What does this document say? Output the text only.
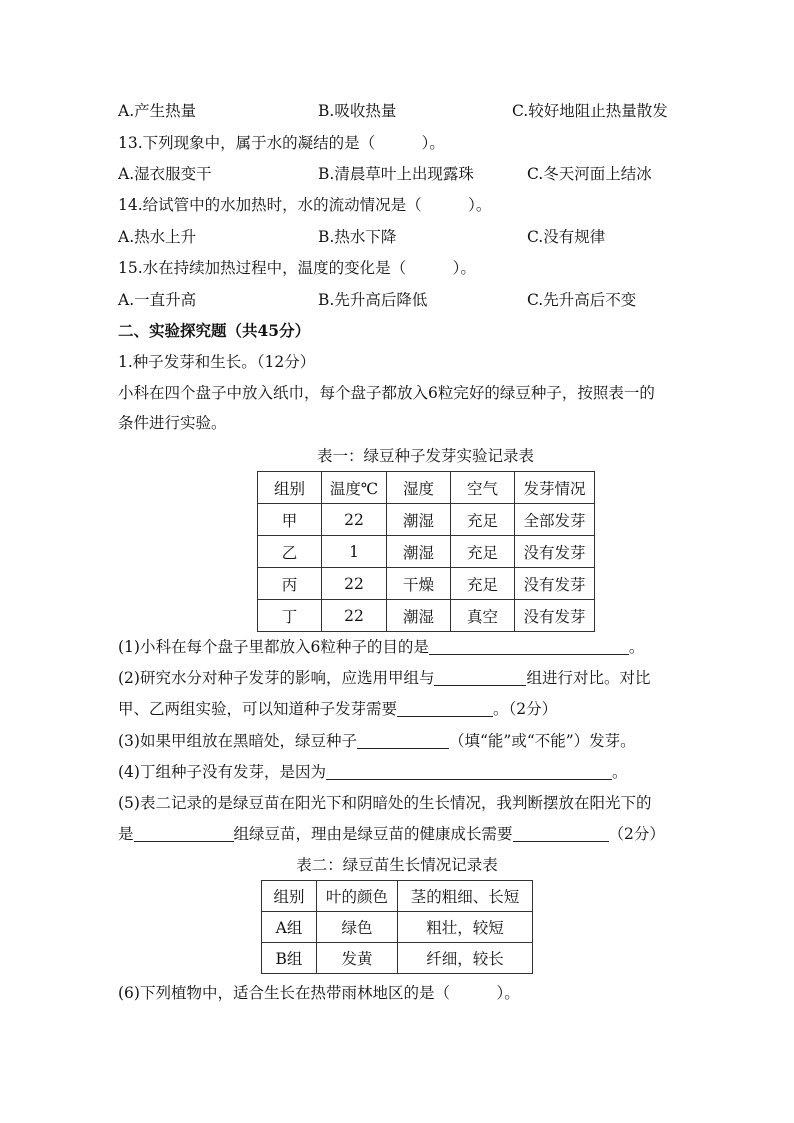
A.产生热量	B.吸收热量	C.较好地阻止热量散发
13.下列现象中，属于水的凝结的是（　　　）。
A.湿衣服变干	B.清晨草叶上出现露珠	C.冬天河面上结冰
14.给试管中的水加热时，水的流动情况是（　　　）。
A.热水上升	B.热水下降	C.没有规律
15.水在持续加热过程中，温度的变化是（　　　）。
A.一直升高	B.先升高后降低	C.先升高后不变
二、实验探究题（共45分）
1.种子发芽和生长。（12分）
小科在四个盘子中放入纸巾，每个盘子都放入6粒完好的绿豆种子，按照表一的
条件进行实验。
表一：绿豆种子发芽实验记录表
组别	温度℃	湿度	空气	发芽情况
甲	22	潮湿	充足	全部发芽
乙	1	潮湿	充足	没有发芽
丙	22	干燥	充足	没有发芽
丁	22	潮湿	真空	没有发芽
(1)小科在每个盘子里都放入6粒种子的目的是	。
(2)研究水分对种子发芽的影响，应选用甲组与	组进行对比。对比
甲、乙两组实验，可以知道种子发芽需要	。（2分）
(3)如果甲组放在黑暗处，绿豆种子	（填“能”或“不能”）发芽。
(4)丁组种子没有发芽，是因为	。
(5)表二记录的是绿豆苗在阳光下和阴暗处的生长情况，我判断摆放在阳光下的
是	组绿豆苗，理由是绿豆苗的健康成长需要	（2分）
表二：绿豆苗生长情况记录表
组别	叶的颜色	茎的粗细、长短
A组	绿色	粗壮，较短
B组	发黄	纤细，较长
(6)下列植物中，适合生长在热带雨林地区的是（　　　）。
